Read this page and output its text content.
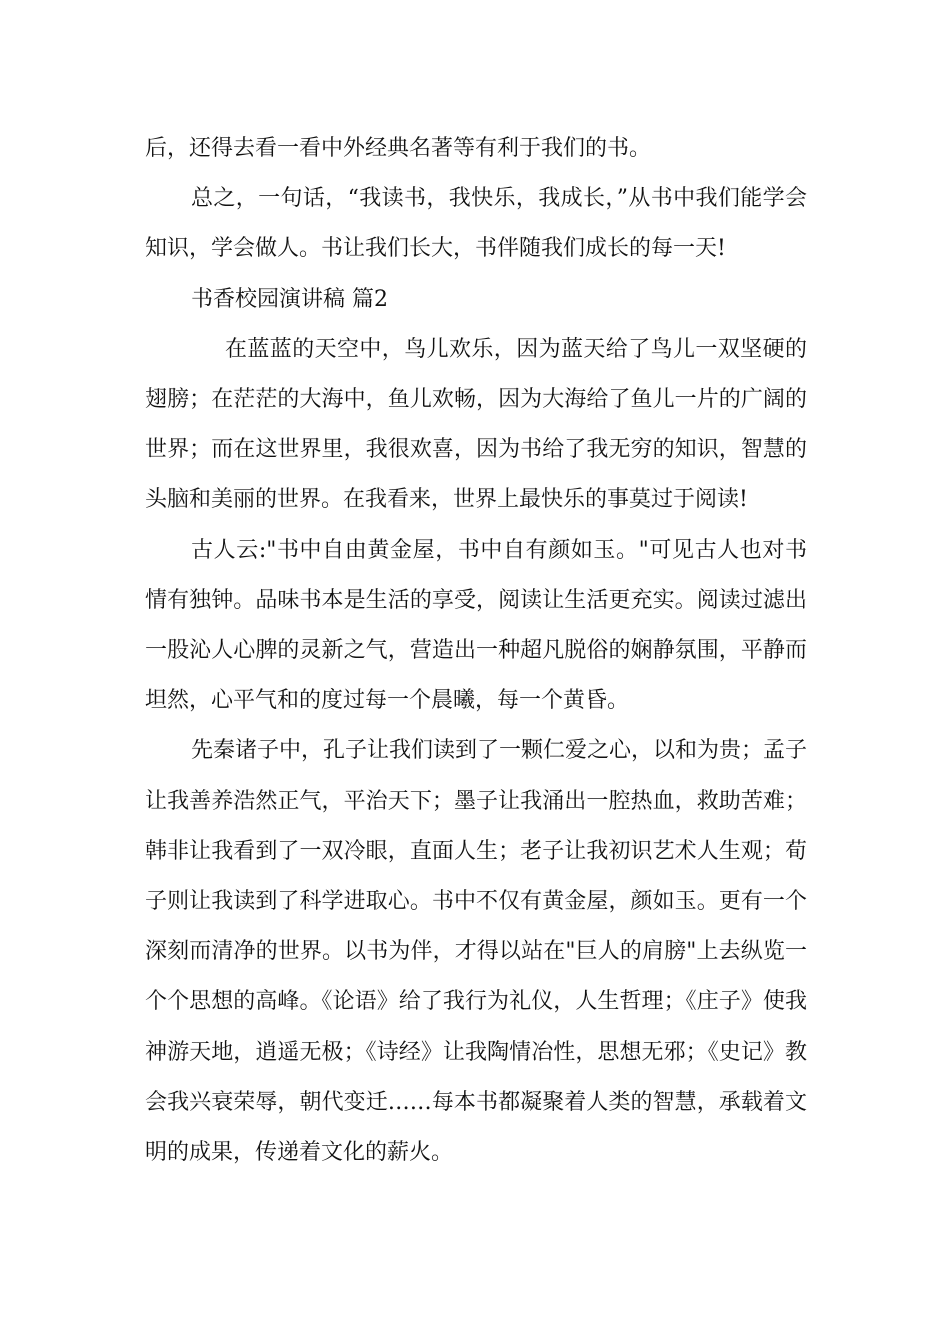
后，还得去看一看中外经典名著等有利于我们的书。

总之，一句话，“我读书，我快乐，我成长，”从书中我们能学会知识，学会做人。书让我们长大，书伴随我们成长的每一天!

书香校园演讲稿 篇2

在蓝蓝的天空中，鸟儿欢乐，因为蓝天给了鸟儿一双坚硬的翅膀；在茫茫的大海中，鱼儿欢畅，因为大海给了鱼儿一片的广阔的世界；而在这世界里，我很欢喜，因为书给了我无穷的知识，智慧的头脑和美丽的世界。在我看来，世界上最快乐的事莫过于阅读!

古人云:"书中自由黄金屋，书中自有颜如玉。"可见古人也对书情有独钟。品味书本是生活的享受，阅读让生活更充实。阅读过滤出一股沁人心脾的灵新之气，营造出一种超凡脱俗的娴静氛围，平静而坦然，心平气和的度过每一个晨曦，每一个黄昏。

先秦诸子中，孔子让我们读到了一颗仁爱之心，以和为贵；孟子让我善养浩然正气，平治天下；墨子让我涌出一腔热血，救助苦难；韩非让我看到了一双冷眼，直面人生；老子让我初识艺术人生观；荀子则让我读到了科学进取心。书中不仅有黄金屋，颜如玉。更有一个深刻而清净的世界。以书为伴，才得以站在"巨人的肩膀"上去纵览一个个思想的高峰。《论语》给了我行为礼仪，人生哲理；《庄子》使我神游天地，逍遥无极；《诗经》让我陶情冶性，思想无邪；《史记》教会我兴衰荣辱，朝代变迁……每本书都凝聚着人类的智慧，承载着文明的成果，传递着文化的薪火。
